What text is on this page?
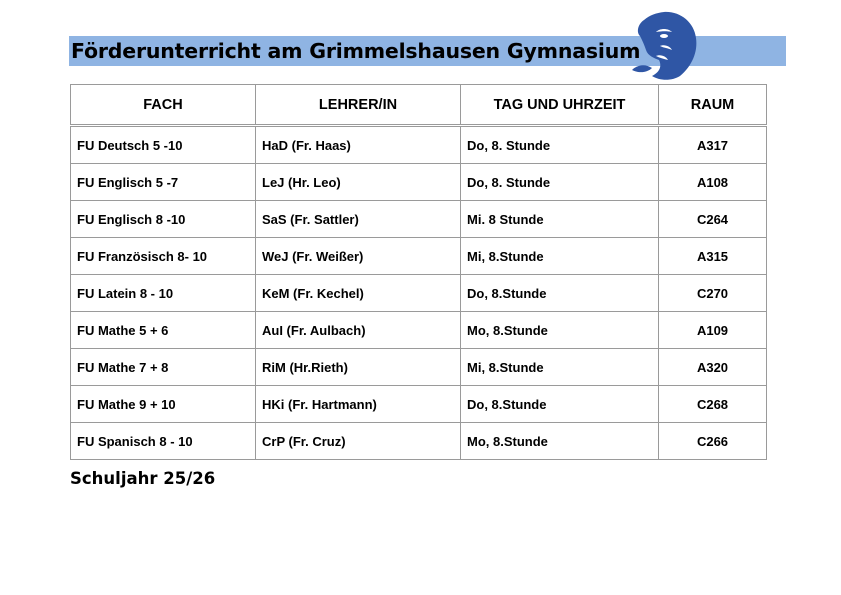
Förderunterricht am Grimmelshausen Gymnasium
FACH	LEHRER/IN	TAG UND UHRZEIT	RAUM
FU Deutsch 5 -10	HaD (Fr. Haas)	Do, 8. Stunde	A317
FU Englisch 5 -7	LeJ (Hr. Leo)	Do, 8. Stunde	A108
FU Englisch 8 -10	SaS (Fr. Sattler)	Mi. 8 Stunde	C264
FU Französisch 8- 10	WeJ (Fr. Weißer)	Mi, 8.Stunde	A315
FU Latein 8 - 10	KeM (Fr. Kechel)	Do, 8.Stunde	C270
FU Mathe 5 + 6	AuI (Fr. Aulbach)	Mo, 8.Stunde	A109
FU Mathe 7 + 8	RiM (Hr.Rieth)	Mi, 8.Stunde	A320
FU Mathe 9 + 10	HKi (Fr. Hartmann)	Do, 8.Stunde	C268
FU Spanisch 8 - 10	CrP (Fr. Cruz)	Mo, 8.Stunde	C266
Schuljahr 25/26
